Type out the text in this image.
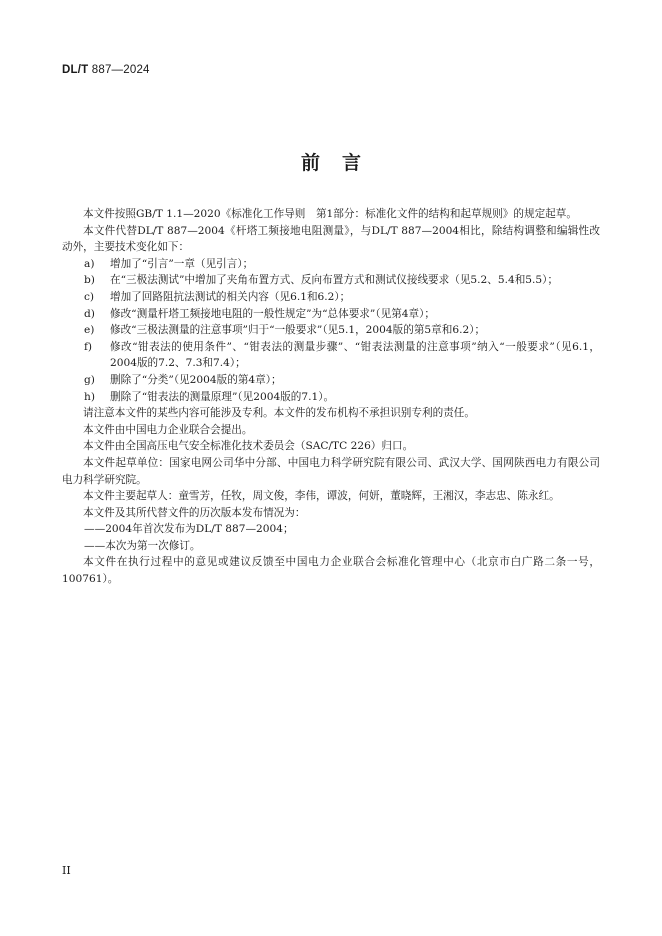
DL/T 887—2024
前言

本文件按照GB/T 1.1—2020《标准化工作导则　第1部分：标准化文件的结构和起草规则》的规定起草。

本文件代替DL/T 887—2004《杆塔工频接地电阻测量》，与DL/T 887—2004相比，除结构调整和编辑性改动外，主要技术变化如下：

a) 增加了“引言”一章（见引言）；

b) 在“三极法测试”中增加了夹角布置方式、反向布置方式和测试仪接线要求（见5.2、5.4和5.5）；

c) 增加了回路阻抗法测试的相关内容（见6.1和6.2）；

d) 修改“测量杆塔工频接地电阻的一般性规定”为“总体要求”（见第4章）；

e) 修改“三极法测量的注意事项”归于“一般要求”（见5.1，2004版的第5章和6.2）；

f) 修改“钳表法的使用条件”、“钳表法的测量步骤”、“钳表法测量的注意事项”纳入“一般要求”（见6.1，2004版的7.2、7.3和7.4）；

g) 删除了“分类”（见2004版的第4章）；

h) 删除了“钳表法的测量原理”（见2004版的7.1）。

请注意本文件的某些内容可能涉及专利。本文件的发布机构不承担识别专利的责任。

本文件由中国电力企业联合会提出。

本文件由全国高压电气安全标准化技术委员会（SAC/TC 226）归口。

本文件起草单位：国家电网公司华中分部、中国电力科学研究院有限公司、武汉大学、国网陕西电力有限公司电力科学研究院。

本文件主要起草人：童雪芳，任牧，周文俊，李伟，谭波，何妍，董晓辉，王湘汉，李志忠、陈永红。

本文件及其所代替文件的历次版本发布情况为：

——2004年首次发布为DL/T 887—2004；

——本次为第一次修订。

本文件在执行过程中的意见或建议反馈至中国电力企业联合会标准化管理中心（北京市白广路二条一号，100761）。

II
